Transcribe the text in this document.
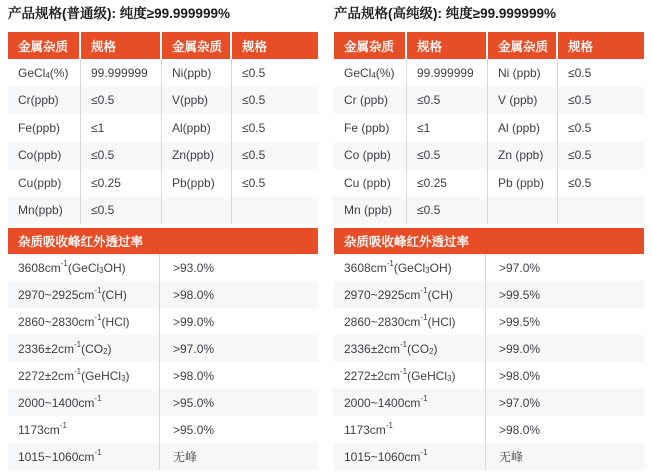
产品规格(普通级): 纯度≥99.999999%
金属杂质	规格	金属杂质	规格
GeCl$_4$ (%)	99.999999	Ni(ppb)	≤0.5
Cr(ppb)	≤0.5	V(ppb)	≤0.5
Fe(ppb)	≤1	Al(ppb)	≤0.5
Co(ppb)	≤0.5	Zn(ppb)	≤0.5
Cu(ppb)	≤0.25	Pb(ppb)	≤0.5
Mn(ppb)	≤0.5
杂质吸收峰红外透过率
$3608cm^{-1}$ (GeCl$_3$ OH)	>93.0%
$2970\sim 2925cm^{-1}$ (CH)	>98.0%
$2860\sim 2830cm^{-1}$ (HCl)	>99.0%
$2336\pm 2cm^{-1}$ ($CO_2$ )	>97.0%
$2272\pm 2cm^{-1}$ (GeHCl$_3$ )	>98.0%
$2000\sim 1400cm^{-1}$	>95.0%
$1173cm^{-1}$	>95.0%
$1015\sim 1060cm^{-1}$	无峰
产品规格(高纯级): 纯度≥99.999999%
金属杂质	规格	金属杂质	规格
GeCl$_4$ (%)	99.999999	Ni (ppb)	≤0.5
Cr (ppb)	≤0.5	V (ppb)	≤0.5
Fe (ppb)	≤1	Al (ppb)	≤0.5
Co (ppb)	≤0.5	Zn (ppb)	≤0.5
Cu (ppb)	≤0.25	Pb (ppb)	≤0.5
Mn (ppb)	≤0.5
杂质吸收峰红外透过率
$3608cm^{-1}$ (GeCl$_3$ OH)	>97.0%
$2970\sim 2925cm^{-1}$ (CH)	>99.5%
$2860\sim 2830cm^{-1}$ (HCl)	>99.5%
$2336\pm 2cm^{-1}$ ($CO_2$ )	>99.0%
$2272\pm 2cm^{-1}$ (GeHCl$_3$ )	>98.0%
$2000\sim 1400cm^{-1}$	>97.0%
$1173cm^{-1}$	>98.0%
$1015\sim 1060cm^{-1}$	无峰
